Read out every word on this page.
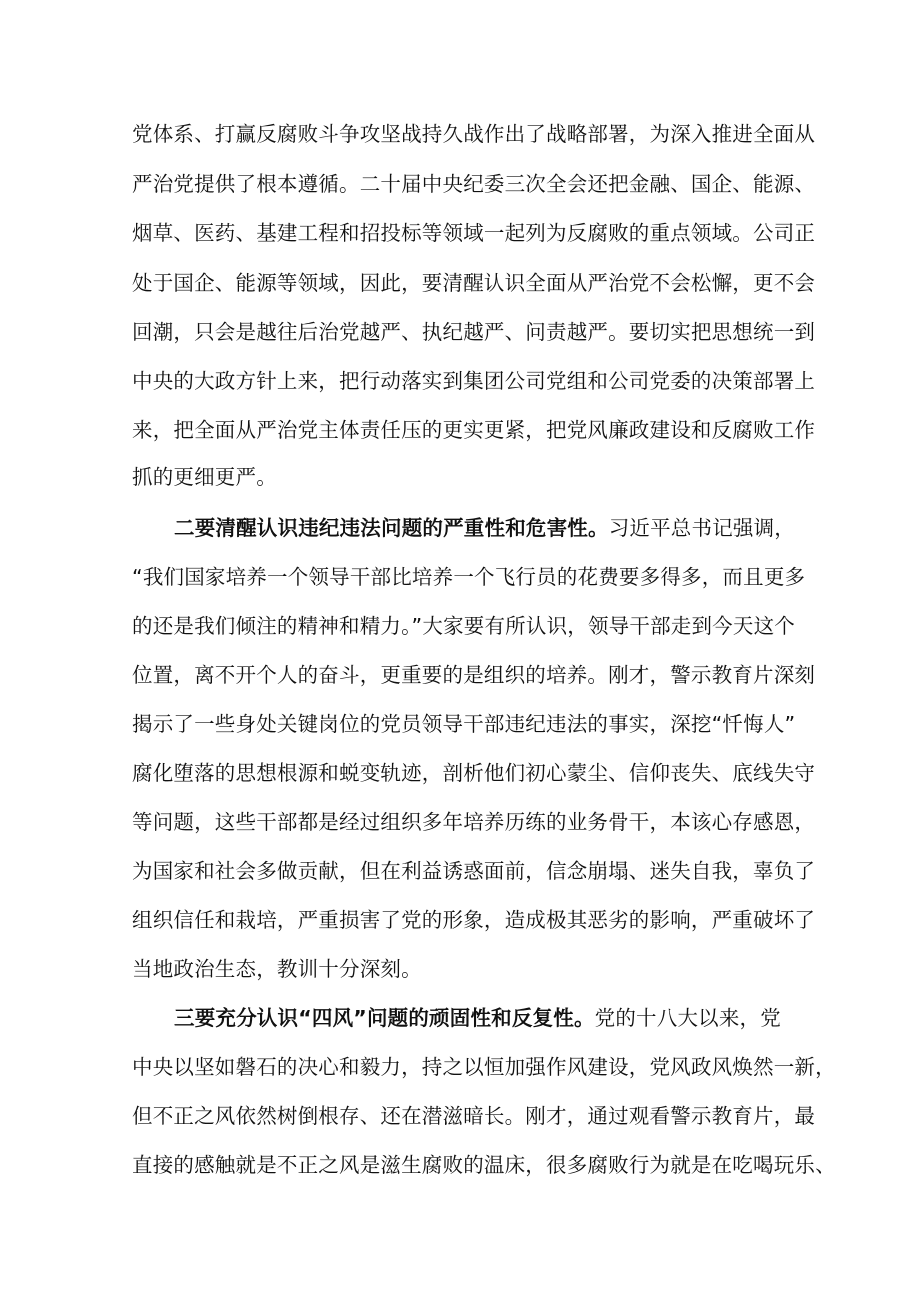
党体系、打赢反腐败斗争攻坚战持久战作出了战略部署，为深入推进全面从
严治党提供了根本遵循。二十届中央纪委三次全会还把金融、国企、能源、
烟草、医药、基建工程和招投标等领域一起列为反腐败的重点领域。公司正
处于国企、能源等领域，因此，要清醒认识全面从严治党不会松懈，更不会
回潮，只会是越往后治党越严、执纪越严、问责越严。要切实把思想统一到
中央的大政方针上来，把行动落实到集团公司党组和公司党委的决策部署上
来，把全面从严治党主体责任压的更实更紧，把党风廉政建设和反腐败工作
抓的更细更严。
二要清醒认识违纪违法问题的严重性和危害性。习近平总书记强调，
“我们国家培养一个领导干部比培养一个飞行员的花费要多得多，而且更多
的还是我们倾注的精神和精力。”大家要有所认识，领导干部走到今天这个
位置，离不开个人的奋斗，更重要的是组织的培养。刚才，警示教育片深刻
揭示了一些身处关键岗位的党员领导干部违纪违法的事实，深挖“忏悔人”
腐化堕落的思想根源和蜕变轨迹，剖析他们初心蒙尘、信仰丧失、底线失守
等问题，这些干部都是经过组织多年培养历练的业务骨干，本该心存感恩，
为国家和社会多做贡献，但在利益诱惑面前，信念崩塌、迷失自我，辜负了
组织信任和栽培，严重损害了党的形象，造成极其恶劣的影响，严重破坏了
当地政治生态，教训十分深刻。
三要充分认识“四风”问题的顽固性和反复性。党的十八大以来，党
中央以坚如磐石的决心和毅力，持之以恒加强作风建设，党风政风焕然一新，
但不正之风依然树倒根存、还在潜滋暗长。刚才，通过观看警示教育片，最
直接的感触就是不正之风是滋生腐败的温床，很多腐败行为就是在吃喝玩乐、
